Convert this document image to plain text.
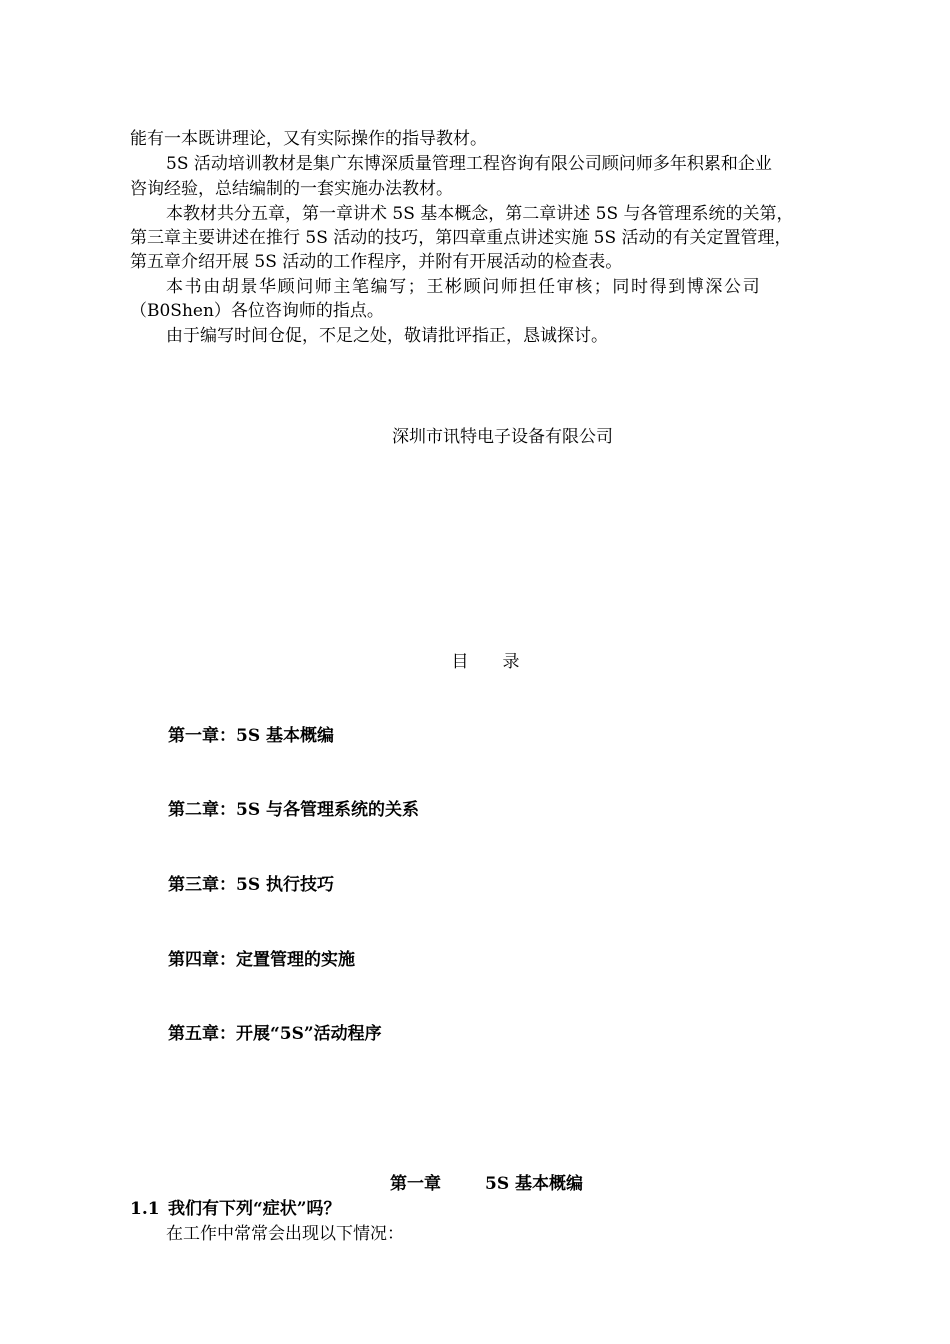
能有一本既讲理论，又有实际操作的指导教材。
5S 活动培训教材是集广东博深质量管理工程咨询有限公司顾问师多年积累和企业
咨询经验，总结编制的一套实施办法教材。
本教材共分五章，第一章讲术 5S 基本概念，第二章讲述 5S 与各管理系统的关第，
第三章主要讲述在推行 5S 活动的技巧，第四章重点讲述实施 5S 活动的有关定置管理，
第五章介绍开展 5S 活动的工作程序，并附有开展活动的检查表。
本书由胡景华顾问师主笔编写；王彬顾问师担任审核；同时得到博深公司
（B0Shen）各位咨询师的指点。
由于编写时间仓促，不足之处，敬请批评指正，恳诚探讨。
深圳市讯特电子设备有限公司
目录
第一章：5S 基本概编
第二章：5S 与各管理系统的关系
第三章：5S 执行技巧
第四章：定置管理的实施
第五章：开展“5S”活动程序
第一章	5S 基本概编
1.1 我们有下列“症状”吗？
在工作中常常会出现以下情况：
